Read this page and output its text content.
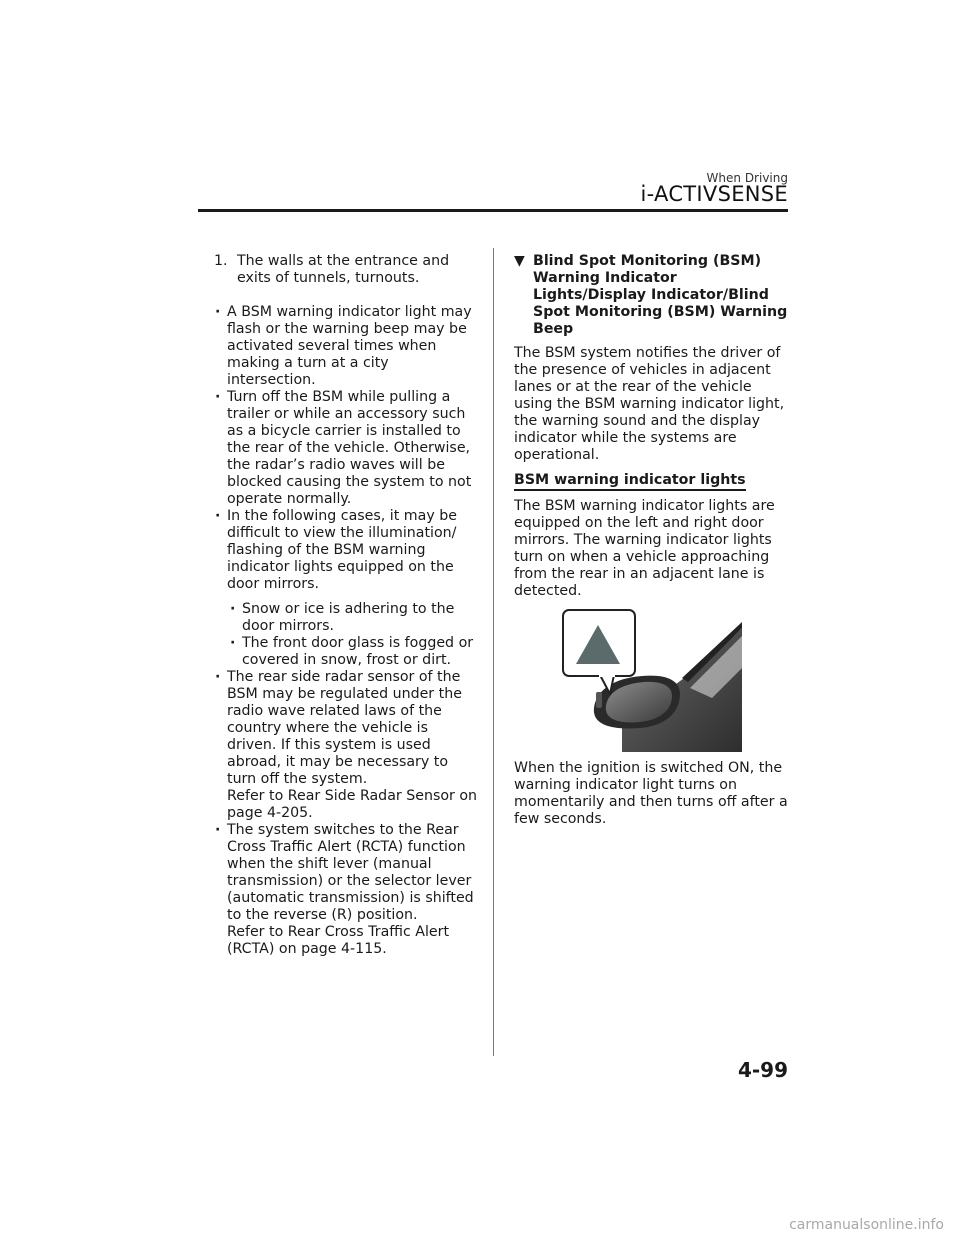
When Driving
i-ACTIVSENSE
1. The walls at the entrance and exits of tunnels, turnouts.
· A BSM warning indicator light may flash or the warning beep may be activated several times when making a turn at a city intersection.
· Turn off the BSM while pulling a trailer or while an accessory such as a bicycle carrier is installed to the rear of the vehicle. Otherwise, the radar’s radio waves will be blocked causing the system to not operate normally.
· In the following cases, it may be difficult to view the illumination/ flashing of the BSM warning indicator lights equipped on the door mirrors.
· Snow or ice is adhering to the door mirrors.
· The front door glass is fogged or covered in snow, frost or dirt.
· The rear side radar sensor of the BSM may be regulated under the radio wave related laws of the country where the vehicle is driven. If this system is used abroad, it may be necessary to turn off the system.
Refer to Rear Side Radar Sensor on page 4-205.
· The system switches to the Rear Cross Traffic Alert (RCTA) function when the shift lever (manual transmission) or the selector lever (automatic transmission) is shifted to the reverse (R) position.
Refer to Rear Cross Traffic Alert (RCTA) on page 4-115.
▼ Blind Spot Monitoring (BSM) Warning Indicator Lights/Display Indicator/Blind Spot Monitoring (BSM) Warning Beep

The BSM system notifies the driver of the presence of vehicles in adjacent lanes or at the rear of the vehicle using the BSM warning indicator light, the warning sound and the display indicator while the systems are operational.

BSM warning indicator lights

The BSM warning indicator lights are equipped on the left and right door mirrors. The warning indicator lights turn on when a vehicle approaching from the rear in an adjacent lane is detected.

When the ignition is switched ON, the warning indicator light turns on momentarily and then turns off after a few seconds.

4-99
carmanualsonline.info
